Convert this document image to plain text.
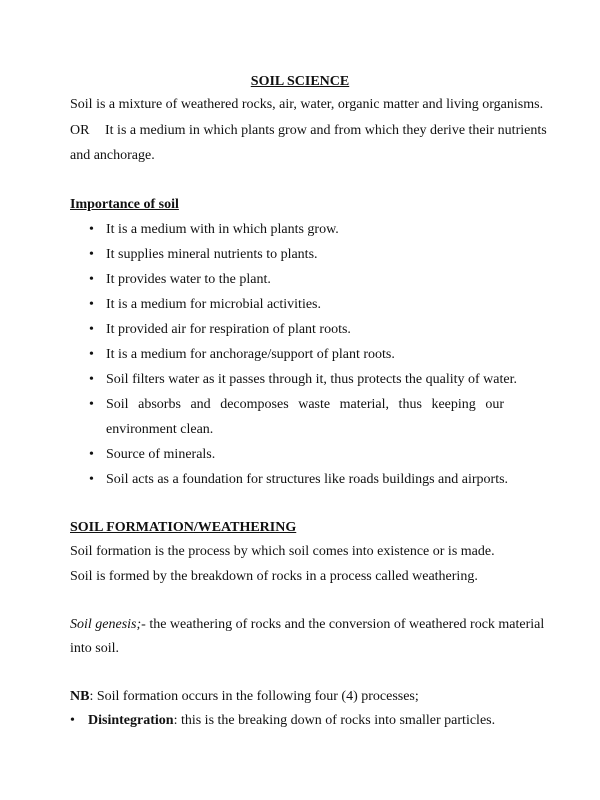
SOIL SCIENCE
Soil is a mixture of weathered rocks, air, water, organic matter and living organisms.
OR It is a medium in which plants grow and from which they derive their nutrients
and anchorage.
Importance of soil
• It is a medium with in which plants grow.
• It supplies mineral nutrients to plants.
• It provides water to the plant.
• It is a medium for microbial activities.
• It provided air for respiration of plant roots.
• It is a medium for anchorage/support of plant roots.
• Soil filters water as it passes through it, thus protects the quality of water.
• Soil absorbs and decomposes waste material, thus keeping our environment clean.
• Source of minerals.
• Soil acts as a foundation for structures like roads buildings and airports.
SOIL FORMATION/WEATHERING
Soil formation is the process by which soil comes into existence or is made.
Soil is formed by the breakdown of rocks in a process called weathering.
Soil genesis;- the weathering of rocks and the conversion of weathered rock material
into soil.
NB: Soil formation occurs in the following four (4) processes;
• Disintegration: this is the breaking down of rocks into smaller particles.
